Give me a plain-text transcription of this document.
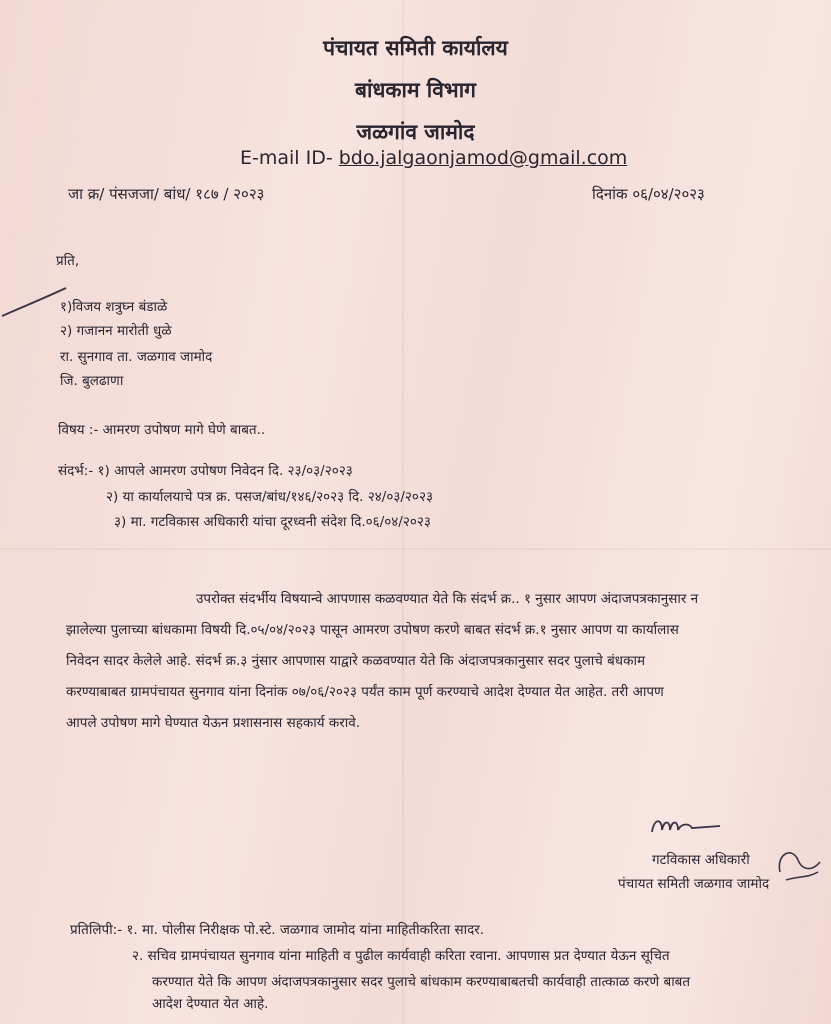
पंचायत समिती कार्यालय
बांधकाम विभाग
जळगांव जामोद
E-mail ID- bdo.jalgaonjamod@gmail.com
जा क्र/ पंसजजा/ बांध/ १८७ / २०२३	दिनांक ०६/०४/२०२३
प्रति,
१)विजय शत्रुघ्न बंडाळे
२) गजानन मारोती धुळे
रा. सुनगाव ता. जळगाव जामोद
जि. बुलढाणा
विषय :- आमरण उपोषण मागे घेणे बाबत..
संदर्भ:- १) आपले आमरण उपोषण निवेदन दि. २३/०३/२०२३
२) या कार्यालयाचे पत्र क्र. पसज/बांध/१४६/२०२३ दि. २४/०३/२०२३
३) मा. गटविकास अधिकारी यांचा दूरध्वनी संदेश दि.०६/०४/२०२३
उपरोक्त संदर्भीय विषयान्वे आपणास कळवण्यात येते कि संदर्भ क्र.. १ नुसार आपण अंदाजपत्रकानुसार न
झालेल्या पुलाच्या बांधकामा विषयी दि.०५/०४/२०२३ पासून आमरण उपोषण करणे बाबत संदर्भ क्र.१ नुसार आपण या कार्यालास
निवेदन सादर केलेले आहे. संदर्भ क्र.३ नुंसार आपणास याद्वारे कळवण्यात येते कि अंदाजपत्रकानुसार सदर पुलाचे बंधकाम
करण्याबाबत ग्रामपंचायत सुनगाव यांना दिनांक ०७/०६/२०२३ पर्यंत काम पूर्ण करण्याचे आदेश देण्यात येत आहेत. तरी आपण
आपले उपोषण मागे घेण्यात येऊन प्रशासनास सहकार्य करावे.
गटविकास अधिकारी
पंचायत समिती जळगाव जामोद
प्रतिलिपी:- १. मा. पोलीस निरीक्षक पो.स्टे. जळगाव जामोद यांना माहितीकरिता सादर.
२. सचिव ग्रामपंचायत सुनगाव यांना माहिती व पुढील कार्यवाही करिता रवाना. आपणास प्रत देण्यात येऊन सूचित
करण्यात येते कि आपण अंदाजपत्रकानुसार सदर पुलाचे बांधकाम करण्याबाबतची कार्यवाही तात्काळ करणे बाबत
आदेश देण्यात येत आहे.
